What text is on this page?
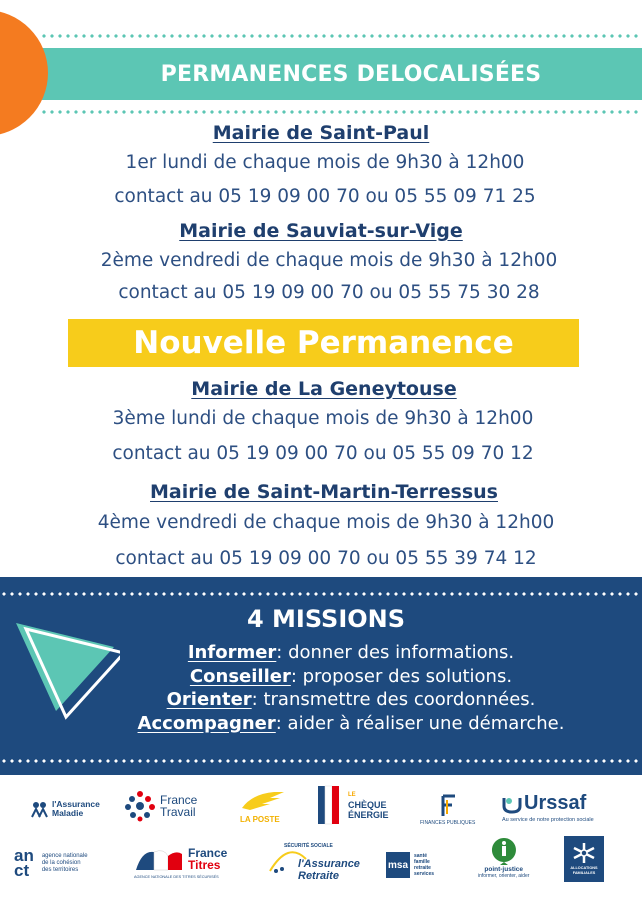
PERMANENCES DELOCALISÉES
Mairie de Saint-Paul
1er lundi de chaque mois de 9h30 à 12h00
contact au 05 19 09 00 70 ou 05 55 09 71 25
Mairie de Sauviat-sur-Vige
2ème vendredi de chaque mois de 9h30 à 12h00
contact au 05 19 09 00 70 ou 05 55 75 30 28
Nouvelle Permanence
Mairie de La Geneytouse
3ème lundi de chaque mois de 9h30 à 12h00
contact au 05 19 09 00 70 ou 05 55 09 70 12
Mairie de Saint-Martin-Terressus
4ème vendredi de chaque mois de 9h30 à 12h00
contact au 05 19 09 00 70 ou 05 55 39 74 12
4 MISSIONS
Informer: donner des informations.
Conseiller: proposer des solutions.
Orienter: transmettre des coordonnées.
Accompagner: aider à réaliser une démarche.
l'Assurance
Maladie
France
Travail
LA POSTE
LE
CHÈQUE
ÉNERGIE
FINANCES PUBLIQUES
Urssaf
Au service de notre protection sociale
an
ct
agence nationale
de la cohésion
des territoires
France
Titres
AGENCE NATIONALE DES TITRES SÉCURISÉS
SÉCURITÉ SOCIALE
l'Assurance
Retraite
msa
santé
famille
retraite
services
point-justice
informer, orienter, aider
ALLOCATIONS
FAMILIALES
